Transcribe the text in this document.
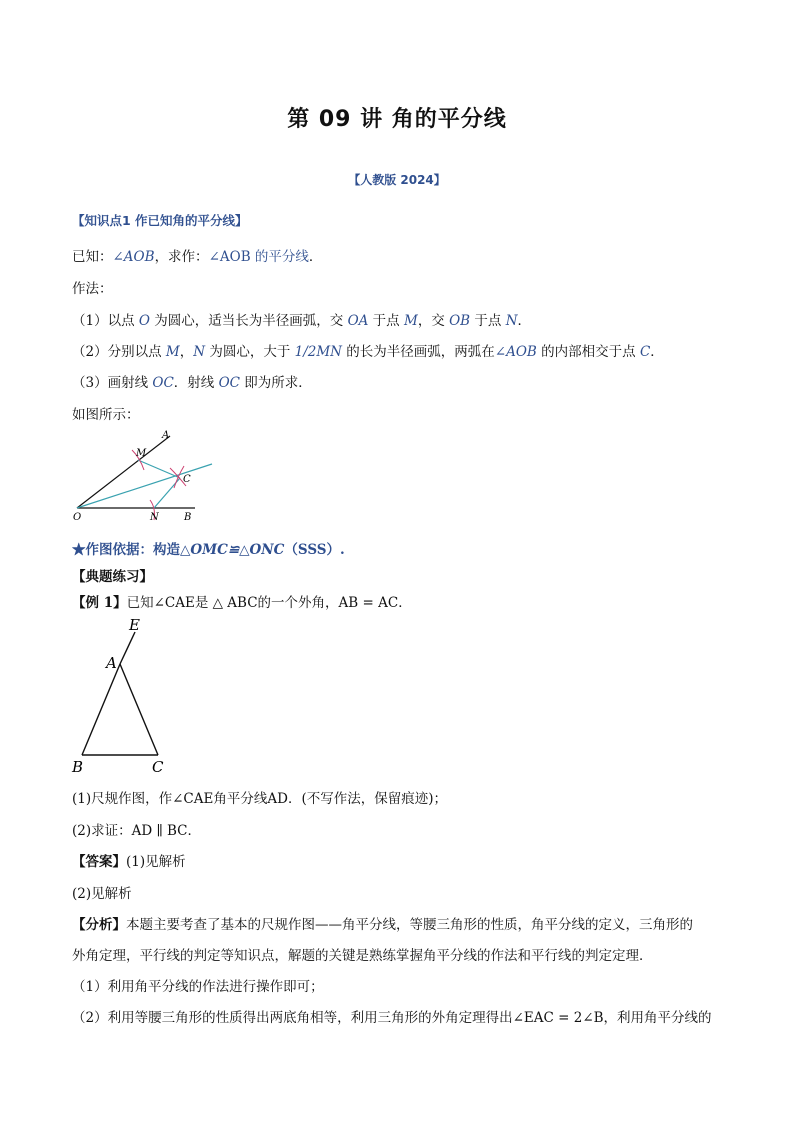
第 09 讲 角的平分线
【人教版 2024】
【知识点1 作已知角的平分线】
已知：∠AOB，求作：∠AOB 的平分线．
作法：
（1）以点 O 为圆心，适当长为半径画弧，交 OA 于点 M，交 OB 于点 N．
（2）分别以点 M，N 为圆心，大于 1/2MN 的长为半径画弧，两弧在∠AOB 的内部相交于点 C．
（3）画射线 OC．射线 OC 即为所求．
如图所示：
A
M
C
O	N	B
★作图依据：构造△OMC≌△ONC（SSS）.
【典题练习】
【例 1】已知∠CAE是 △ ABC的一个外角，AB = AC．
E
A
B	C
(1)尺规作图，作∠CAE角平分线AD．(不写作法，保留痕迹)；
(2)求证：AD ∥ BC．
【答案】(1)见解析
(2)见解析
【分析】本题主要考查了基本的尺规作图——角平分线，等腰三角形的性质，角平分线的定义，三角形的
外角定理，平行线的判定等知识点，解题的关键是熟练掌握角平分线的作法和平行线的判定定理．
（1）利用角平分线的作法进行操作即可；
（2）利用等腰三角形的性质得出两底角相等，利用三角形的外角定理得出∠EAC = 2∠B，利用角平分线的
